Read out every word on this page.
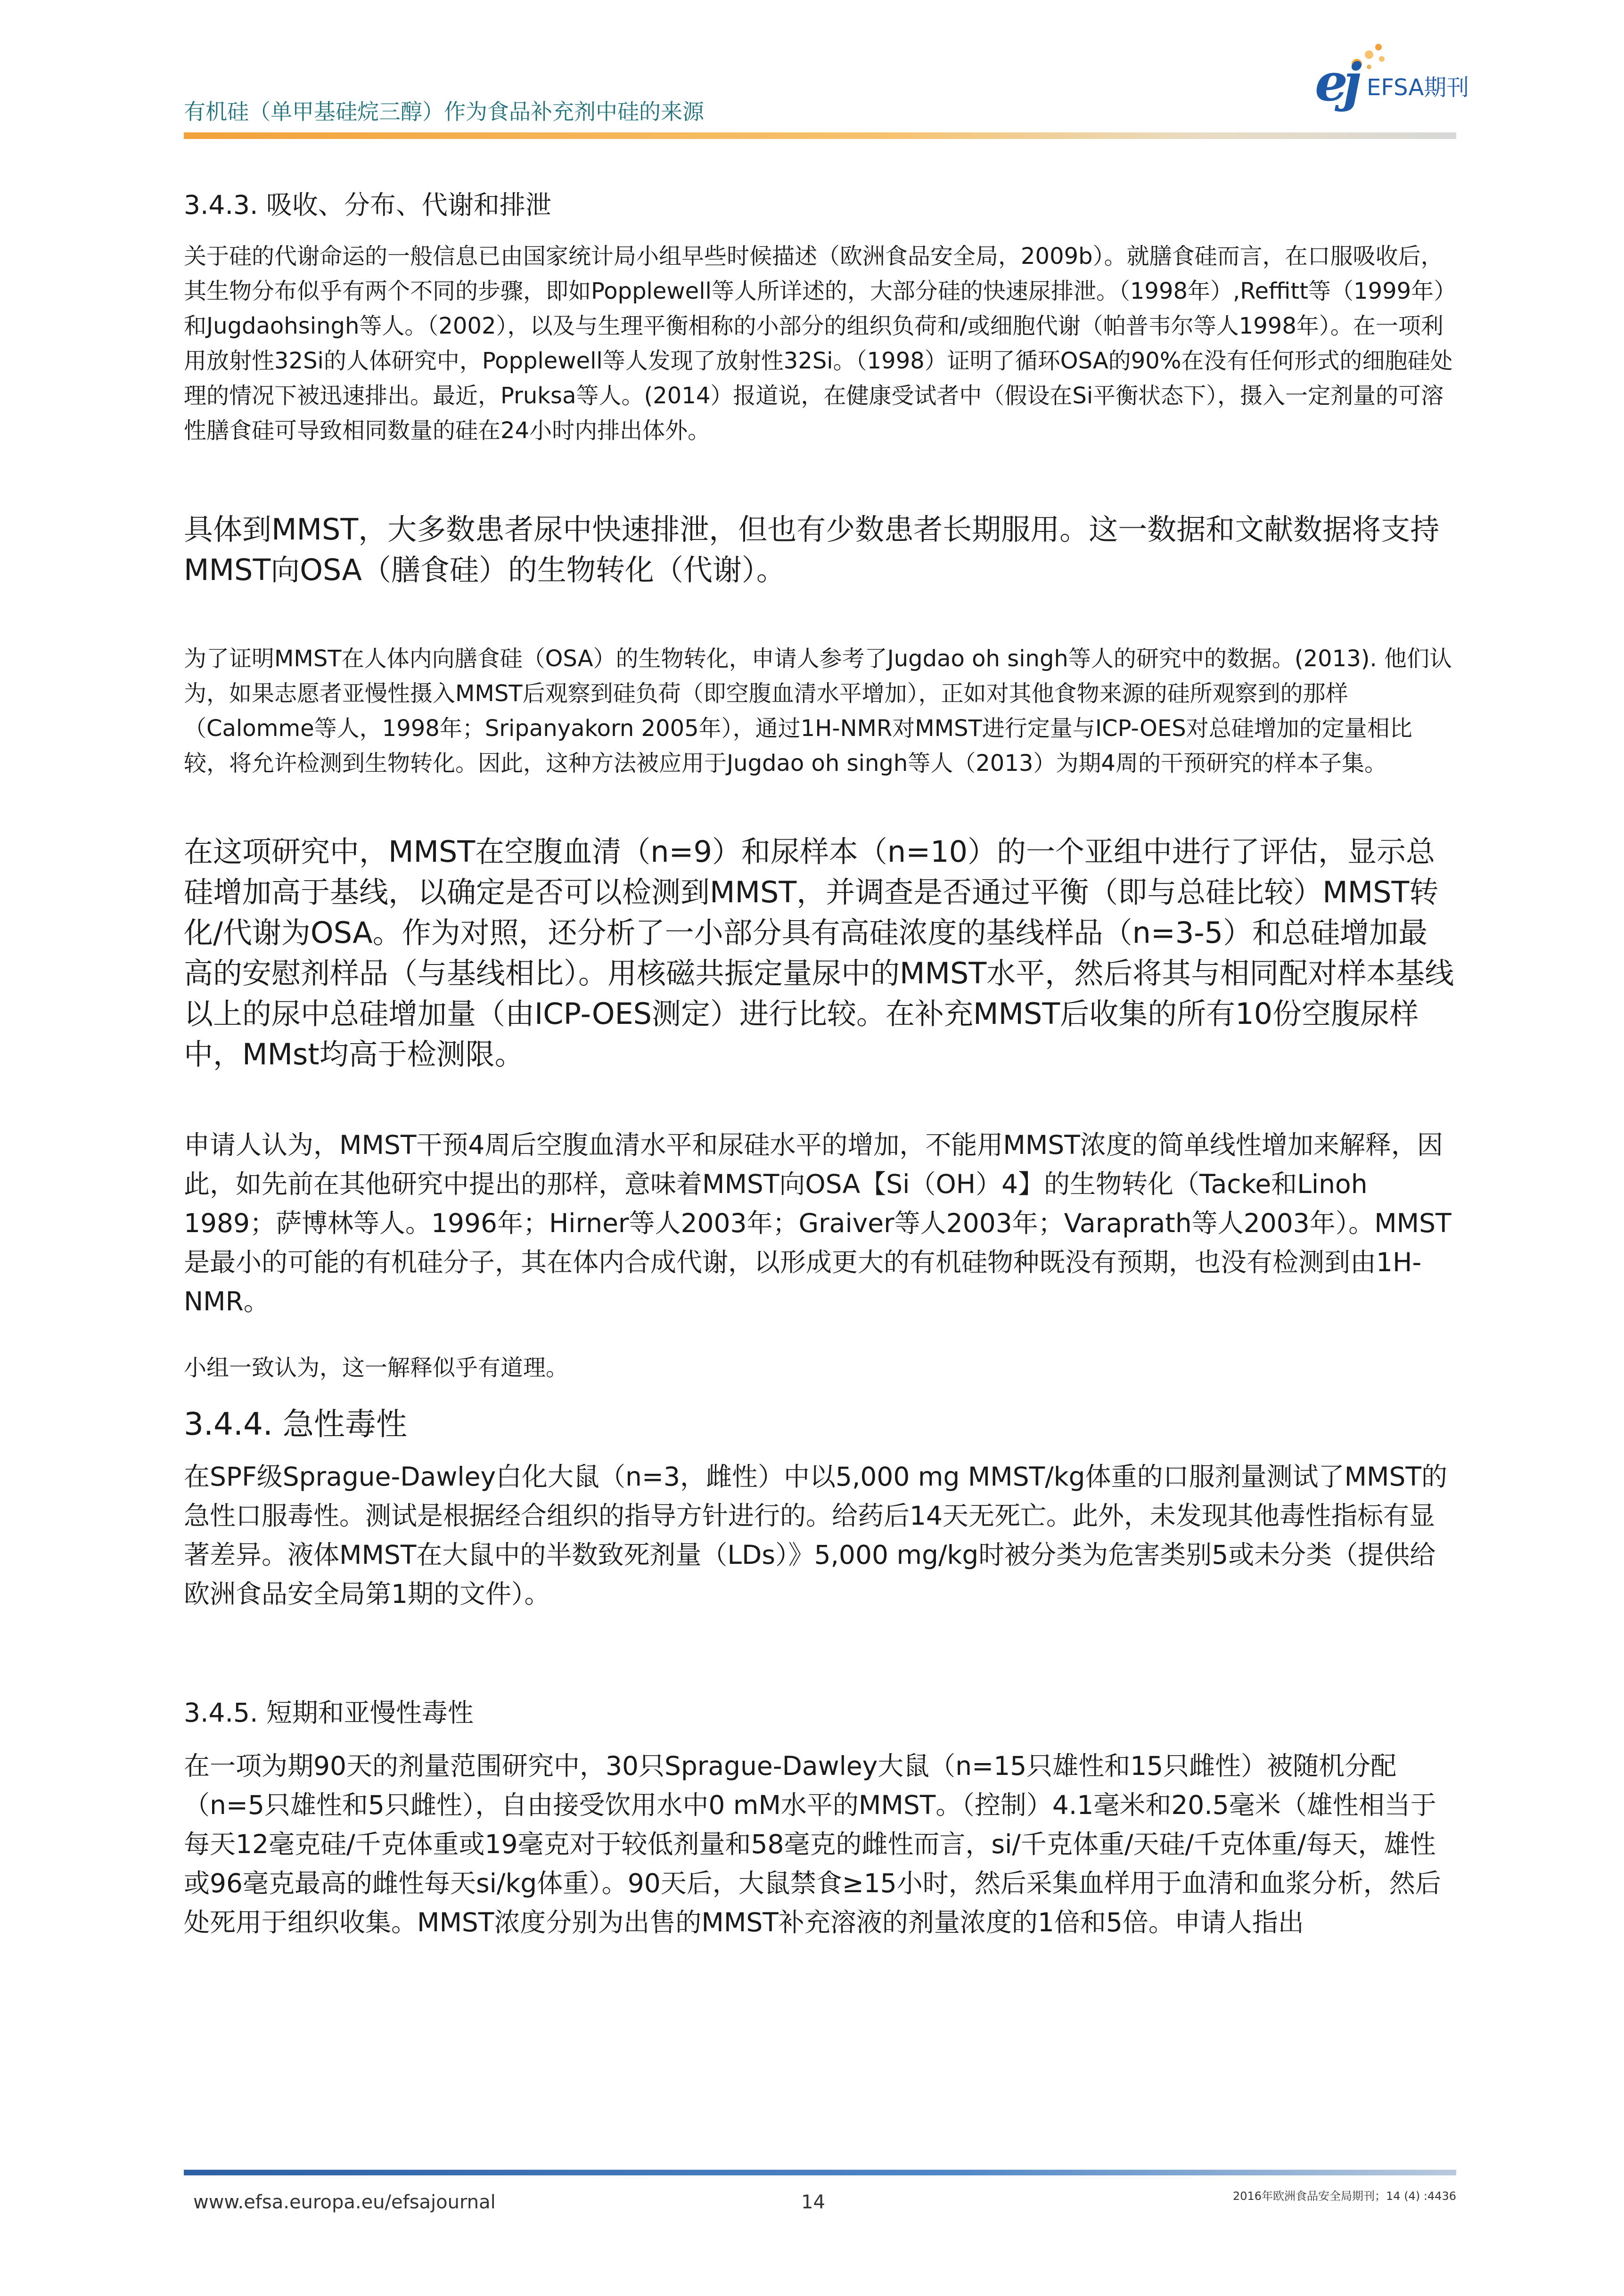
有机硅（单甲基硅烷三醇）作为食品补充剂中硅的来源	ej EFSA期刊
3.4.3. 吸收、分布、代谢和排泄

关于硅的代谢命运的一般信息已由国家统计局小组早些时候描述（欧洲食品安全局，2009b）。就膳食硅而言，在口服吸收后，其生物分布似乎有两个不同的步骤，即如Popplewell等人所详述的，大部分硅的快速尿排泄。（1998年）,Reffitt等（1999年）和Jugdaohsingh等人。（2002），以及与生理平衡相称的小部分的组织负荷和/或细胞代谢（帕普韦尔等人1998年）。在一项利用放射性32Si的人体研究中，Popplewell等人发现了放射性32Si。（1998）证明了循环OSA的90%在没有任何形式的细胞硅处理的情况下被迅速排出。最近，Pruksa等人。(2014）报道说，在健康受试者中（假设在Si平衡状态下），摄入一定剂量的可溶性膳食硅可导致相同数量的硅在24小时内排出体外。

具体到MMST，大多数患者尿中快速排泄，但也有少数患者长期服用。这一数据和文献数据将支持MMST向OSA（膳食硅）的生物转化（代谢）。

为了证明MMST在人体内向膳食硅（OSA）的生物转化，申请人参考了Jugdao oh singh等人的研究中的数据。(2013). 他们认为，如果志愿者亚慢性摄入MMST后观察到硅负荷（即空腹血清水平增加），正如对其他食物来源的硅所观察到的那样（Calomme等人，1998年；Sripanyakorn 2005年），通过1H-NMR对MMST进行定量与ICP-OES对总硅增加的定量相比较，将允许检测到生物转化。因此，这种方法被应用于Jugdao oh singh等人（2013）为期4周的干预研究的样本子集。

在这项研究中，MMST在空腹血清（n=9）和尿样本（n=10）的一个亚组中进行了评估，显示总硅增加高于基线，以确定是否可以检测到MMST，并调查是否通过平衡（即与总硅比较）MMST转化/代谢为OSA。作为对照，还分析了一小部分具有高硅浓度的基线样品（n=3-5）和总硅增加最高的安慰剂样品（与基线相比）。用核磁共振定量尿中的MMST水平，然后将其与相同配对样本基线以上的尿中总硅增加量（由ICP-OES测定）进行比较。在补充MMST后收集的所有10份空腹尿样中，MMst均高于检测限。

申请人认为，MMST干预4周后空腹血清水平和尿硅水平的增加，不能用MMST浓度的简单线性增加来解释，因此，如先前在其他研究中提出的那样，意味着MMST向OSA【Si（OH）4】的生物转化（Tacke和Linoh 1989；萨博林等人。1996年；Hirner等人2003年；Graiver等人2003年；Varaprath等人2003年）。MMST是最小的可能的有机硅分子，其在体内合成代谢，以形成更大的有机硅物种既没有预期，也没有检测到由1H-NMR。

小组一致认为，这一解释似乎有道理。

3.4.4. 急性毒性

在SPF级Sprague-Dawley白化大鼠（n=3，雌性）中以5,000 mg MMST/kg体重的口服剂量测试了MMST的急性口服毒性。测试是根据经合组织的指导方针进行的。给药后14天无死亡。此外，未发现其他毒性指标有显著差异。液体MMST在大鼠中的半数致死剂量（LDs）》5,000 mg/kg时被分类为危害类别5或未分类（提供给欧洲食品安全局第1期的文件）。

3.4.5. 短期和亚慢性毒性

在一项为期90天的剂量范围研究中，30只Sprague-Dawley大鼠（n=15只雄性和15只雌性）被随机分配（n=5只雄性和5只雌性），自由接受饮用水中0 mM水平的MMST。（控制）4.1毫米和20.5毫米（雄性相当于每天12毫克硅/千克体重或19毫克对于较低剂量和58毫克的雌性而言，si/千克体重/天硅/千克体重/每天，雄性或96毫克最高的雌性每天si/kg体重）。90天后，大鼠禁食≥15小时，然后采集血样用于血清和血浆分析，然后处死用于组织收集。MMST浓度分别为出售的MMST补充溶液的剂量浓度的1倍和5倍。申请人指出

www.efsa.europa.eu/efsajournal	14	2016年欧洲食品安全局期刊；14 (4) :4436
